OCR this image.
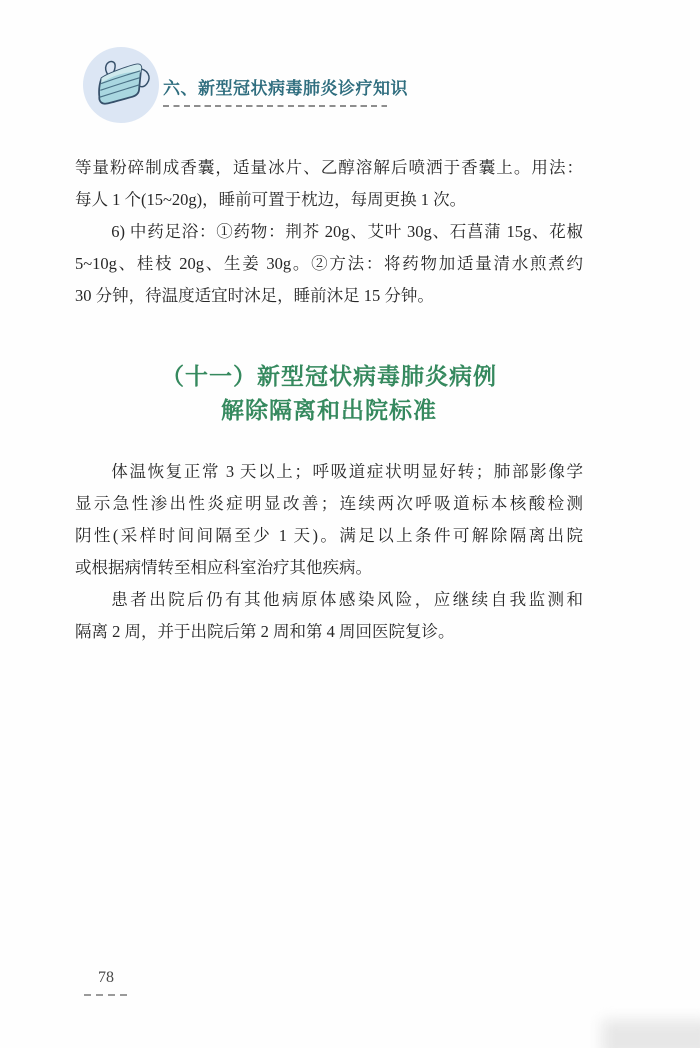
六、新型冠状病毒肺炎诊疗知识
等量粉碎制成香囊，适量冰片、乙醇溶解后喷洒于香囊上。用法：
每人 1 个(15~20g)，睡前可置于枕边，每周更换 1 次。
6) 中药足浴：①药物：荆芥 20g、艾叶 30g、石菖蒲 15g、花椒
5~10g、桂枝 20g、生姜 30g。②方法：将药物加适量清水煎煮约
30 分钟，待温度适宜时沐足，睡前沐足 15 分钟。
（十一）新型冠状病毒肺炎病例
解除隔离和出院标准
体温恢复正常 3 天以上；呼吸道症状明显好转；肺部影像学
显示急性渗出性炎症明显改善；连续两次呼吸道标本核酸检测
阴性(采样时间间隔至少 1 天)。满足以上条件可解除隔离出院
或根据病情转至相应科室治疗其他疾病。
患者出院后仍有其他病原体感染风险，应继续自我监测和
隔离 2 周，并于出院后第 2 周和第 4 周回医院复诊。
78
